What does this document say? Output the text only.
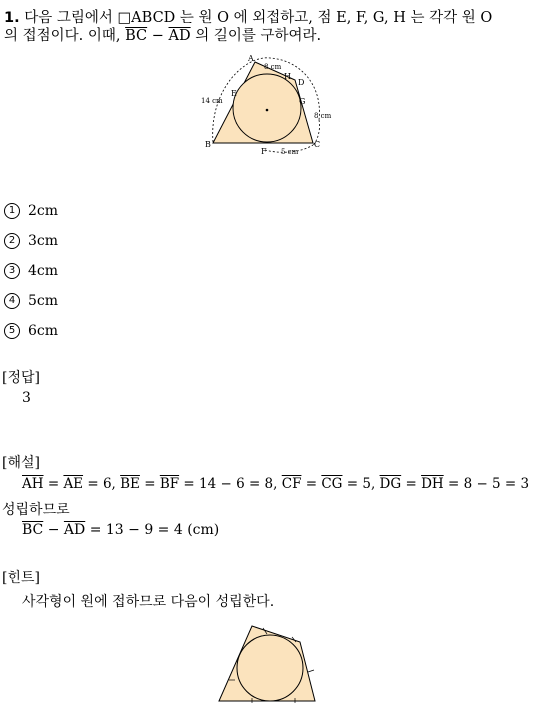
1. 다음 그림에서 □ABCD 는 원 O 에 외접하고, 점 E, F, G, H 는 각각 원 O
의 접점이다. 이때, $\overline{BC} - \overline{AD}$ 의 길이를 구하여라.
A
B	C
D
E
F
G
H
14 cm
8 cm
8 cm
5 cm
1 2cm
2 3cm
3 4cm
4 5cm
5 6cm
[정답]
3
[해설]
$\overline{AH} = \overline{AE} = 6$, $\overline{BE} = \overline{BF} = 14 - 6 = 8$, $\overline{CF} = \overline{CG} = 5$, $\overline{DG} = \overline{DH} = 8 - 5 = 3$
성립하므로
$\overline{BC} - \overline{AD} = 13 - 9 = 4$ (cm)
[힌트]
사각형이 원에 접하므로 다음이 성립한다.
